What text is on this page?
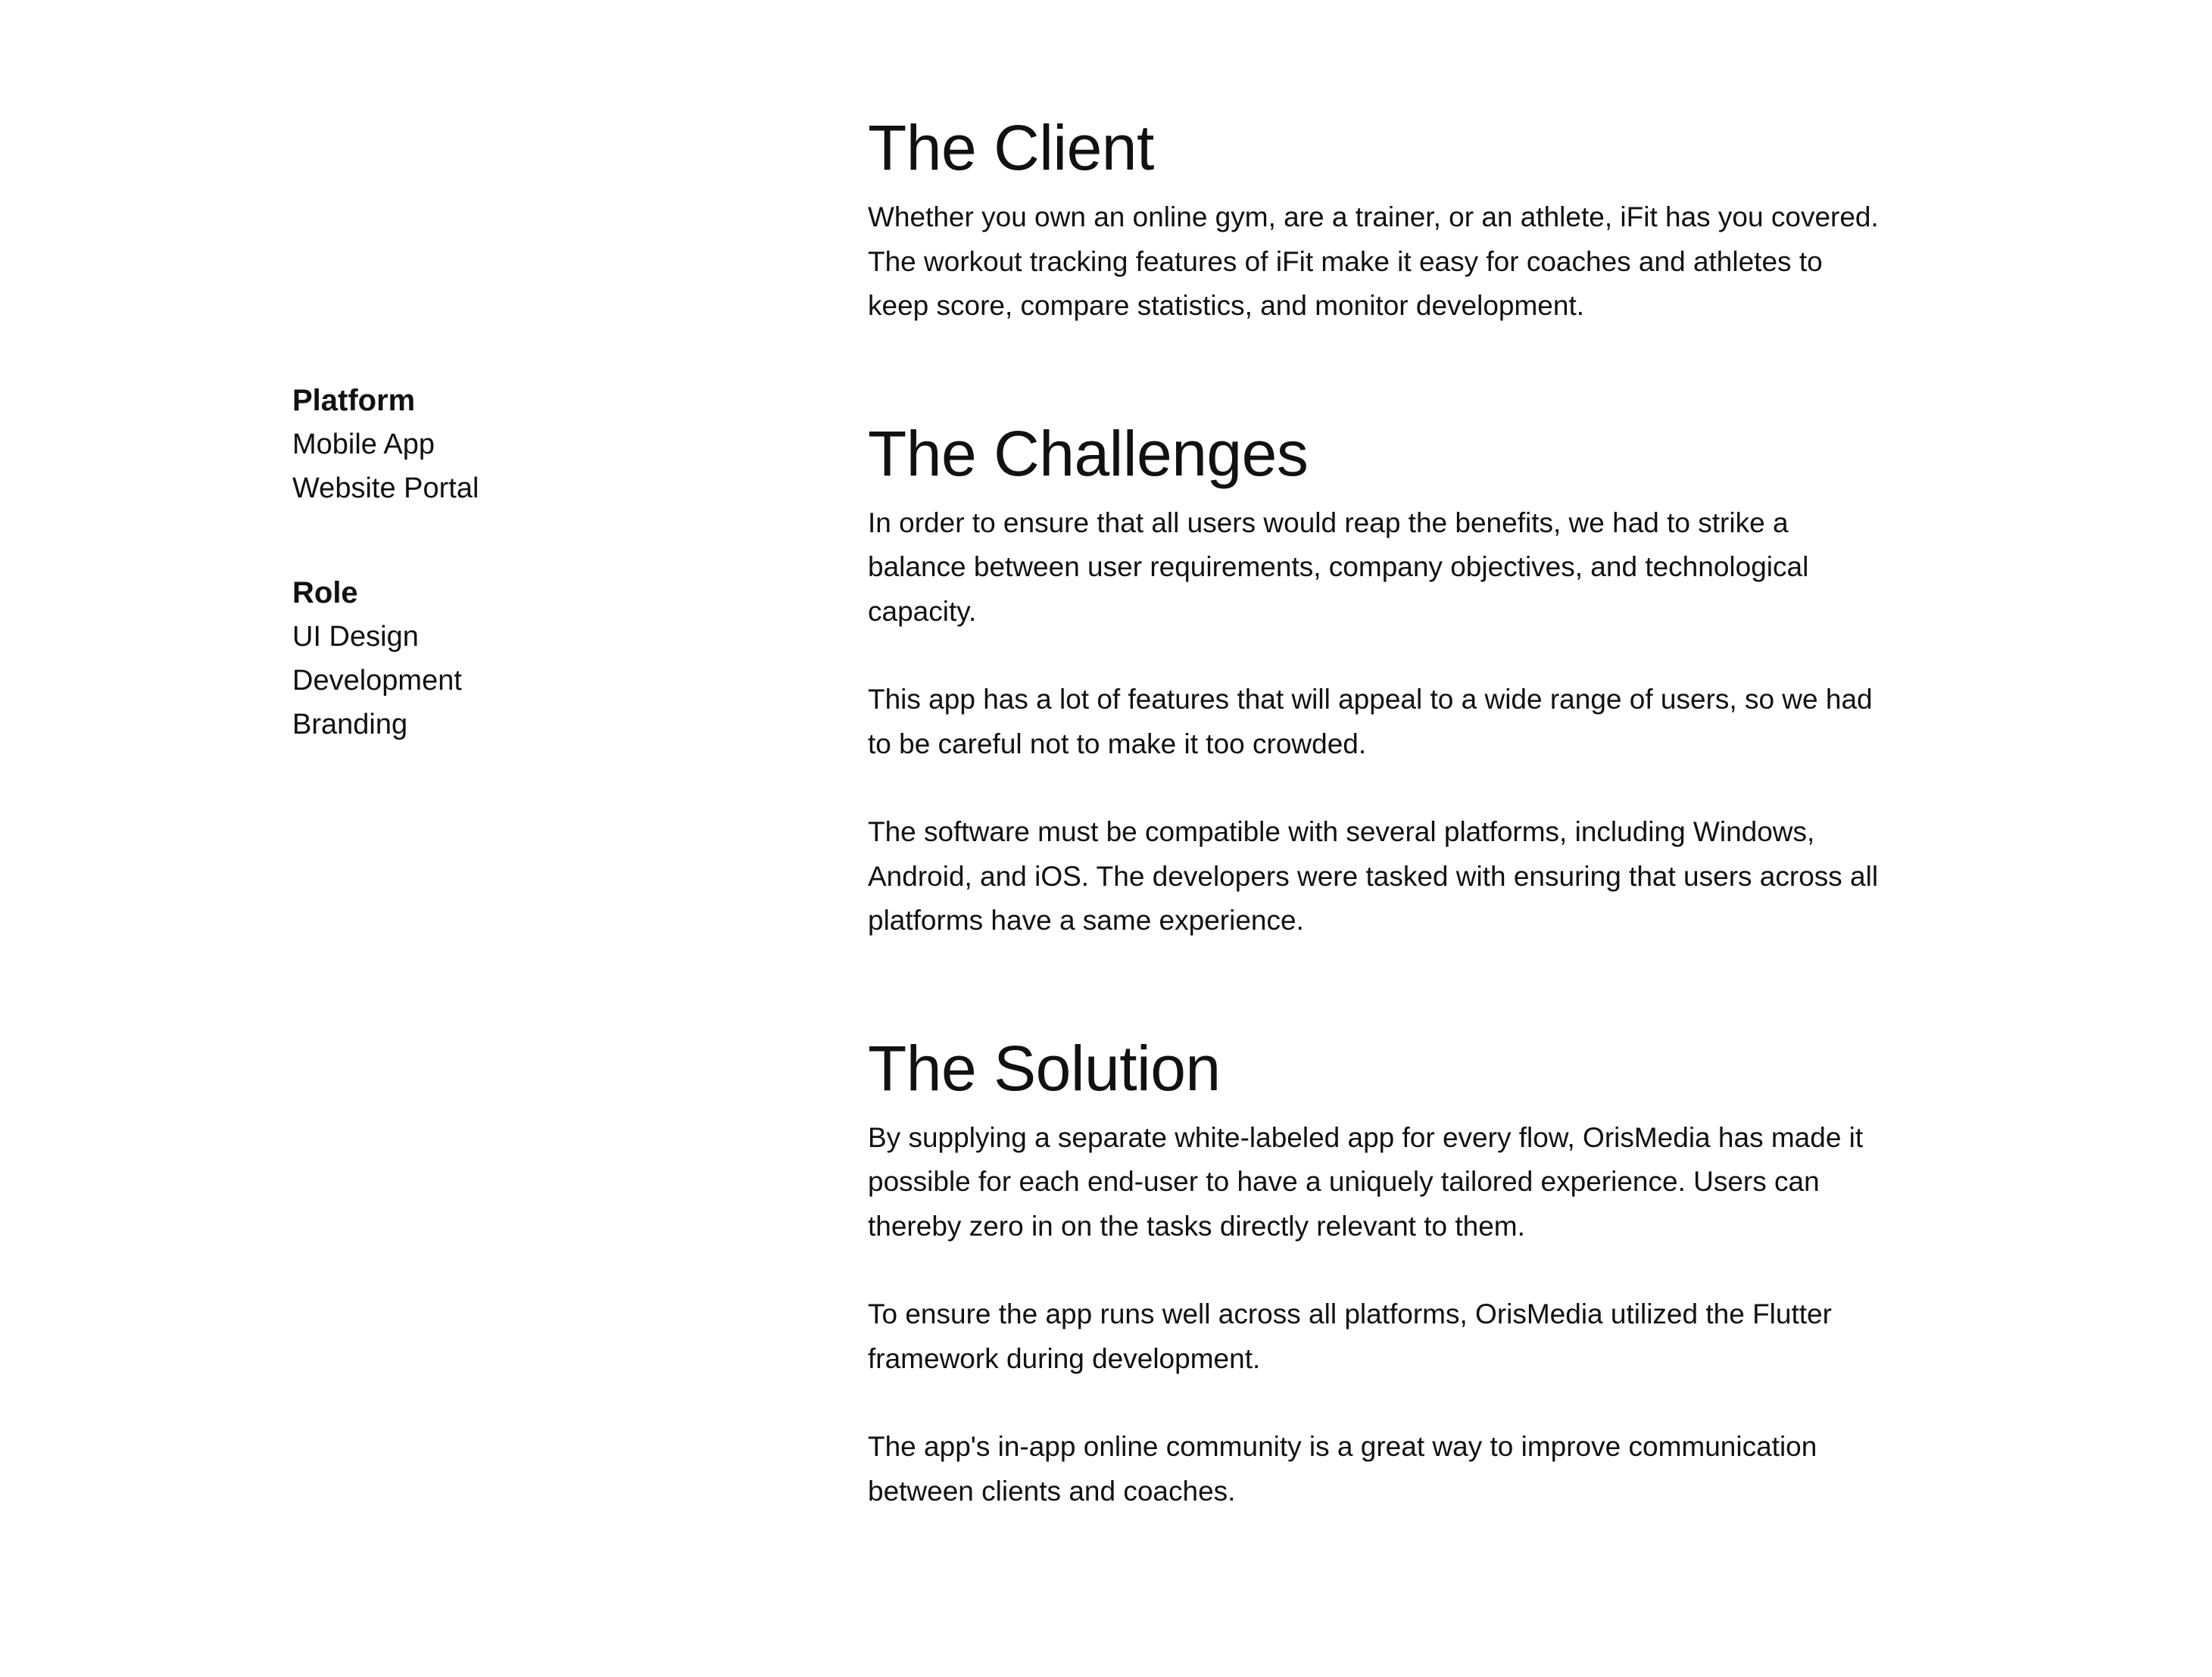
Platform
Mobile App
Website Portal
Role
UI Design
Development
Branding
The Client

Whether you own an online gym, are a trainer, or an athlete, iFit has you covered. The workout tracking features of iFit make it easy for coaches and athletes to keep score, compare statistics, and monitor development.

The Challenges

In order to ensure that all users would reap the benefits, we had to strike a balance between user requirements, company objectives, and technological capacity.

This app has a lot of features that will appeal to a wide range of users, so we had to be careful not to make it too crowded.

The software must be compatible with several platforms, including Windows, Android, and iOS. The developers were tasked with ensuring that users across all platforms have a same experience.

The Solution

By supplying a separate white-labeled app for every flow, OrisMedia has made it possible for each end-user to have a uniquely tailored experience. Users can thereby zero in on the tasks directly relevant to them.

To ensure the app runs well across all platforms, OrisMedia utilized the Flutter framework during development.

The app's in-app online community is a great way to improve communication between clients and coaches.
